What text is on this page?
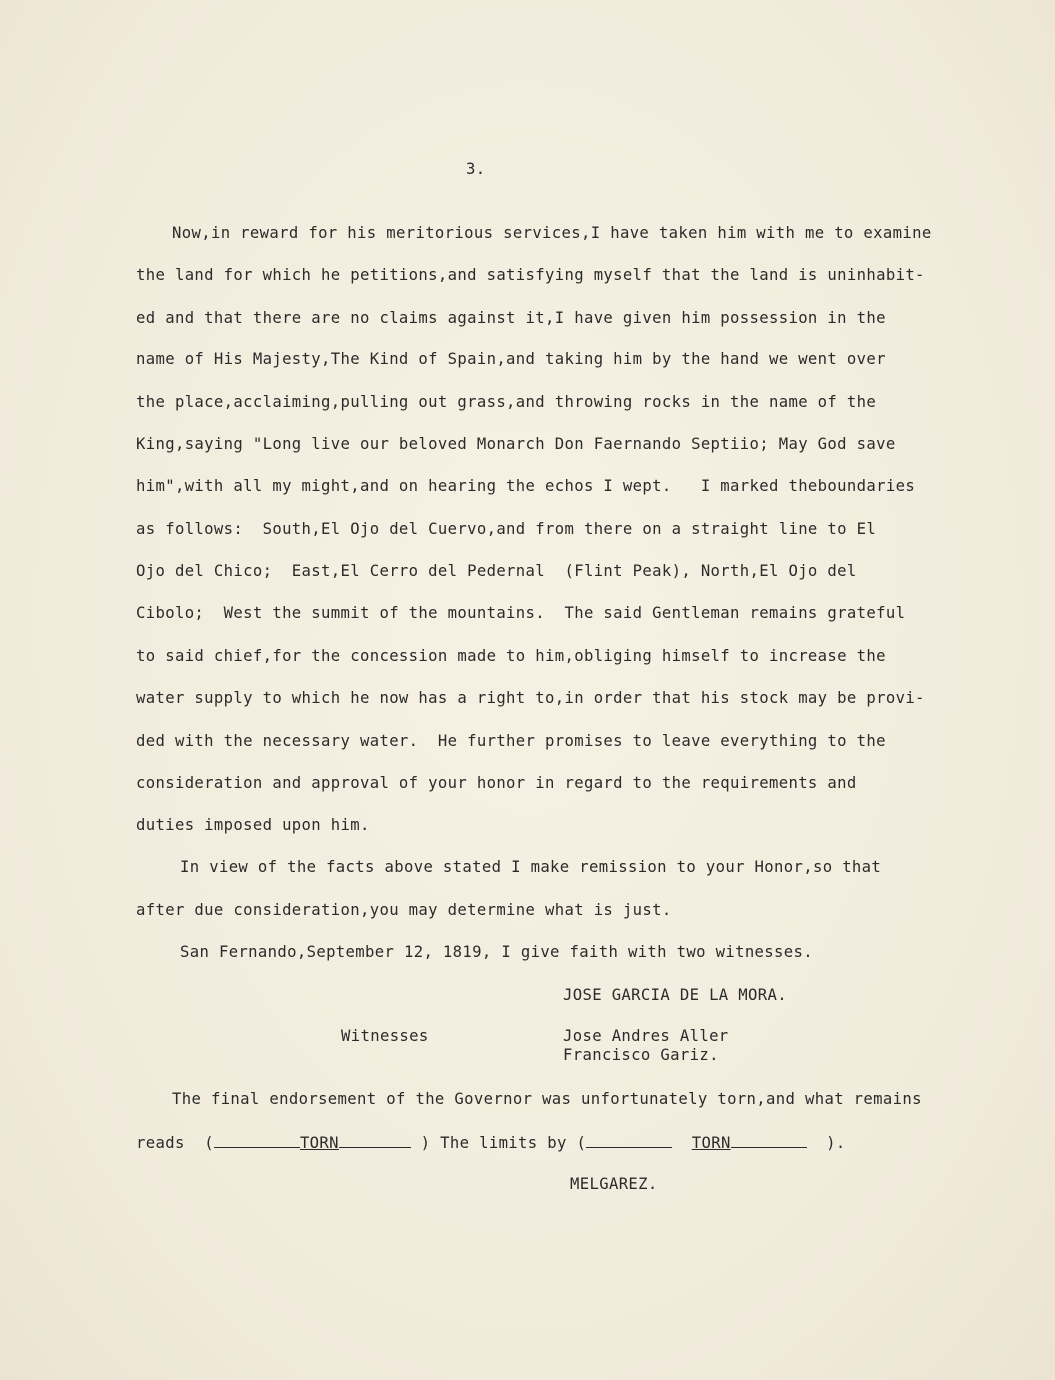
3.
Now,in reward for his meritorious services,I have taken him with me to examine
the land for which he petitions,and satisfying myself that the land is uninhabit-
ed and that there are no claims against it,I have given him possession in the
name of His Majesty,The Kind of Spain,and taking him by the hand we went over
the place,acclaiming,pulling out grass,and throwing rocks in the name of the
King,saying "Long live our beloved Monarch Don Faernando Septiio; May God save
him",with all my might,and on hearing the echos I wept.   I marked theboundaries
as follows:  South,El Ojo del Cuervo,and from there on a straight line to El
Ojo del Chico;  East,El Cerro del Pedernal  (Flint Peak), North,El Ojo del
Cibolo;  West the summit of the mountains.  The said Gentleman remains grateful
to said chief,for the concession made to him,obliging himself to increase the
water supply to which he now has a right to,in order that his stock may be provi-
ded with the necessary water.  He further promises to leave everything to the
consideration and approval of your honor in regard to the requirements and
duties imposed upon him.
In view of the facts above stated I make remission to your Honor,so that
after due consideration,you may determine what is just.
San Fernando,September 12, 1819, I give faith with two witnesses.
JOSE GARCIA DE LA MORA.
Witnesses	Jose Andres Aller
Francisco Gariz.
The final endorsement of the Governor was unfortunately torn,and what remains
reads (	TORN	) The limits by (	TORN	).
MELGAREZ.
